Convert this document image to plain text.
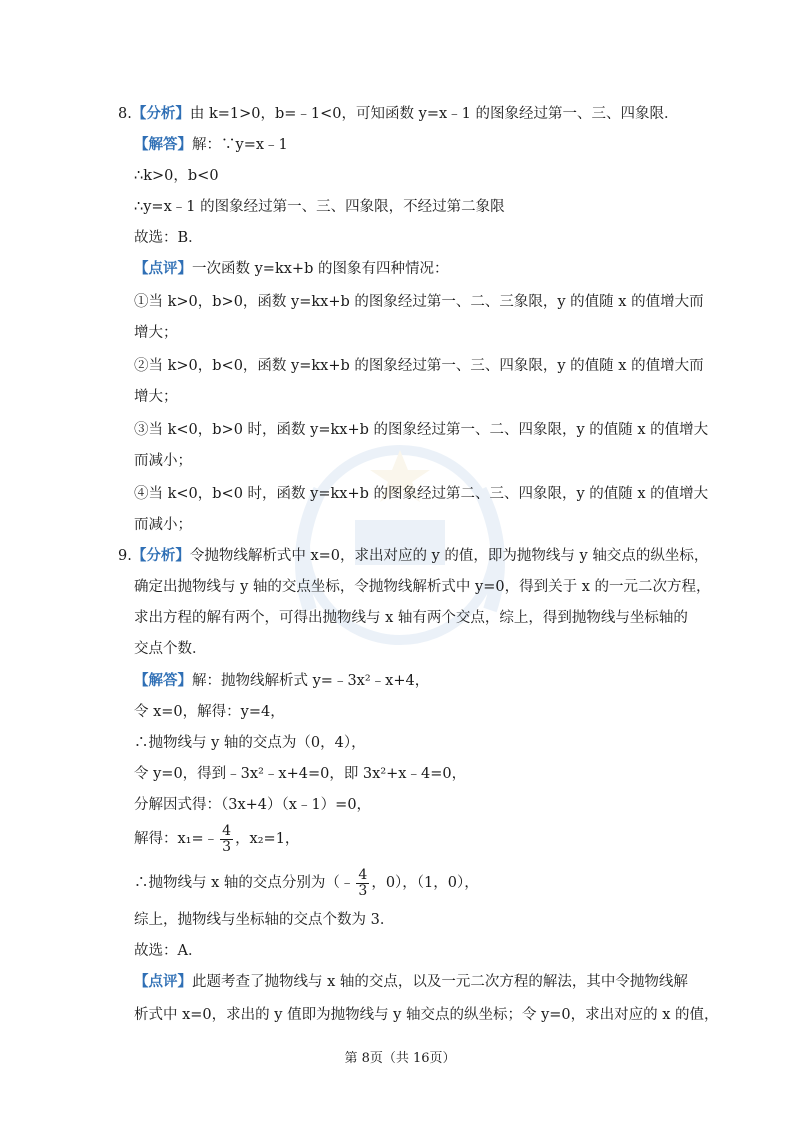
8.【分析】由 k=1>0，b=﹣1<0，可知函数 y=x﹣1 的图象经过第一、三、四象限．
【解答】解：∵y=x﹣1
∴k>0，b<0
∴y=x﹣1 的图象经过第一、三、四象限，不经过第二象限
故选：B．
【点评】一次函数 y=kx+b 的图象有四种情况：
①当 k>0，b>0，函数 y=kx+b 的图象经过第一、二、三象限，y 的值随 x 的值增大而
增大；
②当 k>0，b<0，函数 y=kx+b 的图象经过第一、三、四象限，y 的值随 x 的值增大而
增大；
③当 k<0，b>0 时，函数 y=kx+b 的图象经过第一、二、四象限，y 的值随 x 的值增大
而减小；
④当 k<0，b<0 时，函数 y=kx+b 的图象经过第二、三、四象限，y 的值随 x 的值增大
而减小；
9.【分析】令抛物线解析式中 x=0，求出对应的 y 的值，即为抛物线与 y 轴交点的纵坐标，
确定出抛物线与 y 轴的交点坐标，令抛物线解析式中 y=0，得到关于 x 的一元二次方程，
求出方程的解有两个，可得出抛物线与 x 轴有两个交点，综上，得到抛物线与坐标轴的
交点个数．
【解答】解：抛物线解析式 y=﹣3x²﹣x+4，
令 x=0，解得：y=4，
∴抛物线与 y 轴的交点为（0，4），
令 y=0，得到﹣3x²﹣x+4=0，即 3x²+x﹣4=0，
分解因式得：（3x+4）（x﹣1）=0，
解得：x₁=﹣ $\frac{4}{3}$ ，x₂=1，
∴抛物线与 x 轴的交点分别为（﹣ $\frac{4}{3}$ ，0），（1，0），
综上，抛物线与坐标轴的交点个数为 3．
故选：A．
【点评】此题考查了抛物线与 x 轴的交点，以及一元二次方程的解法，其中令抛物线解
析式中 x=0，求出的 y 值即为抛物线与 y 轴交点的纵坐标；令 y=0，求出对应的 x 的值，
第 8页（共 16页）
